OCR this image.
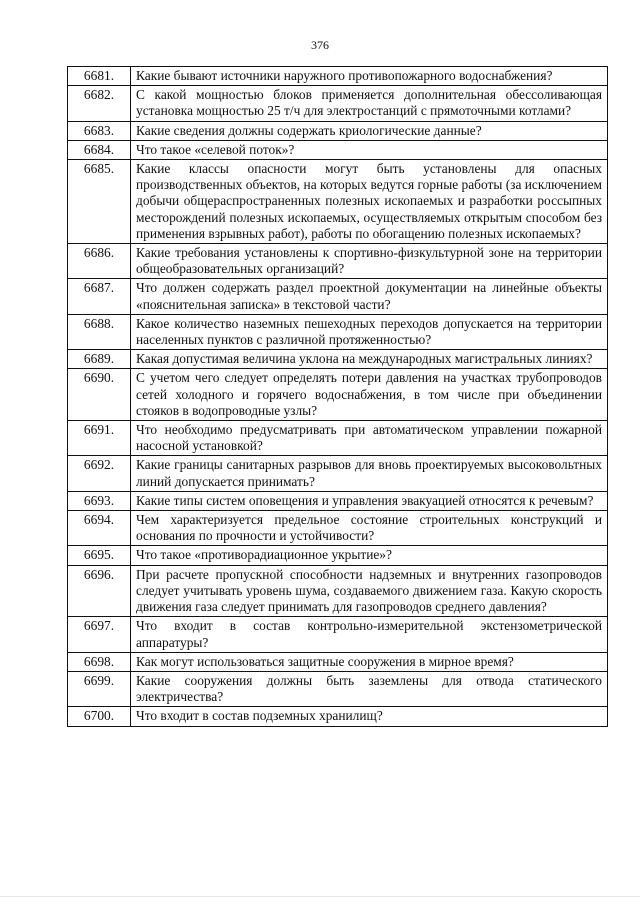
376
6681.	Какие бывают источники наружного противопожарного водоснабжения?
6682.	С какой мощностью блоков применяется дополнительная обессоливающая установка мощностью 25 т/ч для электростанций с прямоточными котлами?
6683.	Какие сведения должны содержать криологические данные?
6684.	Что такое «селевой поток»?
6685.	Какие классы опасности могут быть установлены для опасных производственных объектов, на которых ведутся горные работы (за исключением добычи общераспространенных полезных ископаемых и разработки россыпных месторождений полезных ископаемых, осуществляемых открытым способом без применения взрывных работ), работы по обогащению полезных ископаемых?
6686.	Какие требования установлены к спортивно-физкультурной зоне на территории общеобразовательных организаций?
6687.	Что должен содержать раздел проектной документации на линейные объекты «пояснительная записка» в текстовой части?
6688.	Какое количество наземных пешеходных переходов допускается на территории населенных пунктов с различной протяженностью?
6689.	Какая допустимая величина уклона на международных магистральных линиях?
6690.	С учетом чего следует определять потери давления на участках трубопроводов сетей холодного и горячего водоснабжения, в том числе при объединении стояков в водопроводные узлы?
6691.	Что необходимо предусматривать при автоматическом управлении пожарной насосной установкой?
6692.	Какие границы санитарных разрывов для вновь проектируемых высоковольтных линий допускается принимать?
6693.	Какие типы систем оповещения и управления эвакуацией относятся к речевым?
6694.	Чем характеризуется предельное состояние строительных конструкций и основания по прочности и устойчивости?
6695.	Что такое «противорадиационное укрытие»?
6696.	При расчете пропускной способности надземных и внутренних газопроводов следует учитывать уровень шума, создаваемого движением газа. Какую скорость движения газа следует принимать для газопроводов среднего давления?
6697.	Что входит в состав контрольно-измерительной экстензометрической аппаратуры?
6698.	Как могут использоваться защитные сооружения в мирное время?
6699.	Какие сооружения должны быть заземлены для отвода статического электричества?
6700.	Что входит в состав подземных хранилищ?
